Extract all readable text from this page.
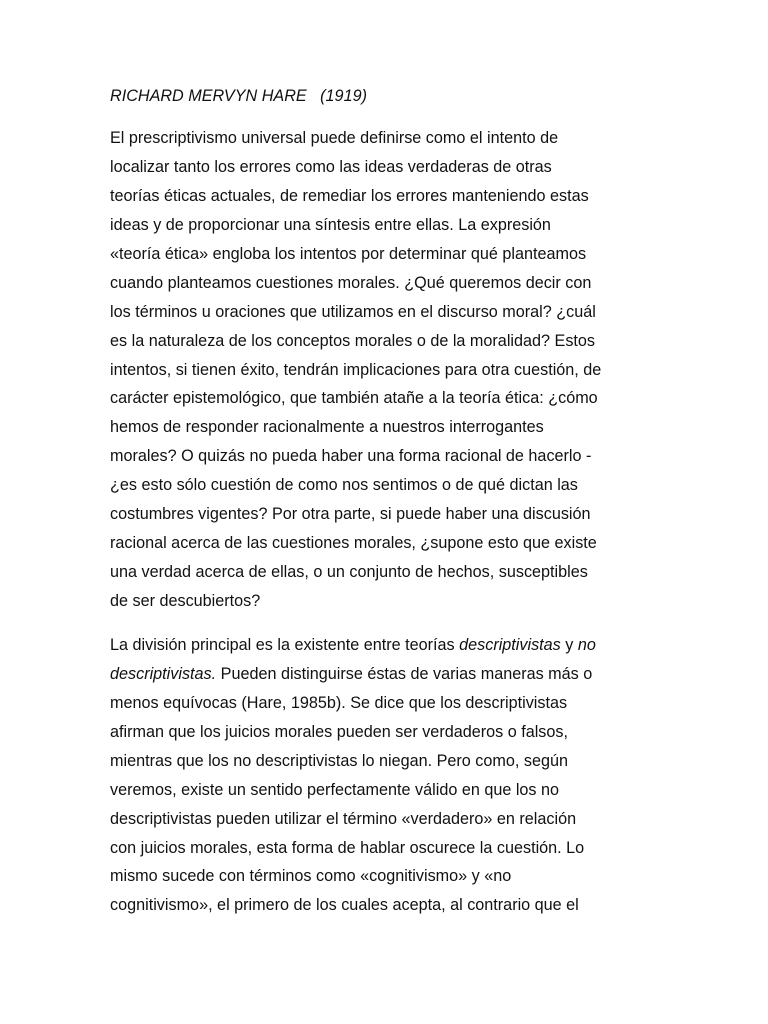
RICHARD MERVYN HARE   (1919)
El prescriptivismo universal puede definirse como el intento de
localizar tanto los errores como las ideas verdaderas de otras
teorías éticas actuales, de remediar los errores manteniendo estas
ideas y de proporcionar una síntesis entre ellas. La expresión
«teoría ética» engloba los intentos por determinar qué planteamos
cuando planteamos cuestiones morales. ¿Qué queremos decir con
los términos u oraciones que utilizamos en el discurso moral? ¿cuál
es la naturaleza de los conceptos morales o de la moralidad? Estos
intentos, si tienen éxito, tendrán implicaciones para otra cuestión, de
carácter epistemológico, que también atañe a la teoría ética: ¿cómo
hemos de responder racionalmente a nuestros interrogantes
morales? O quizás no pueda haber una forma racional de hacerlo -
¿es esto sólo cuestión de como nos sentimos o de qué dictan las
costumbres vigentes? Por otra parte, si puede haber una discusión
racional acerca de las cuestiones morales, ¿supone esto que existe
una verdad acerca de ellas, o un conjunto de hechos, susceptibles
de ser descubiertos?
La división principal es la existente entre teorías descriptivistas y no
descriptivistas. Pueden distinguirse éstas de varias maneras más o
menos equívocas (Hare, 1985b). Se dice que los descriptivistas
afirman que los juicios morales pueden ser verdaderos o falsos,
mientras que los no descriptivistas lo niegan. Pero como, según
veremos, existe un sentido perfectamente válido en que los no
descriptivistas pueden utilizar el término «verdadero» en relación
con juicios morales, esta forma de hablar oscurece la cuestión. Lo
mismo sucede con términos como «cognitivismo» y «no
cognitivismo», el primero de los cuales acepta, al contrario que el
